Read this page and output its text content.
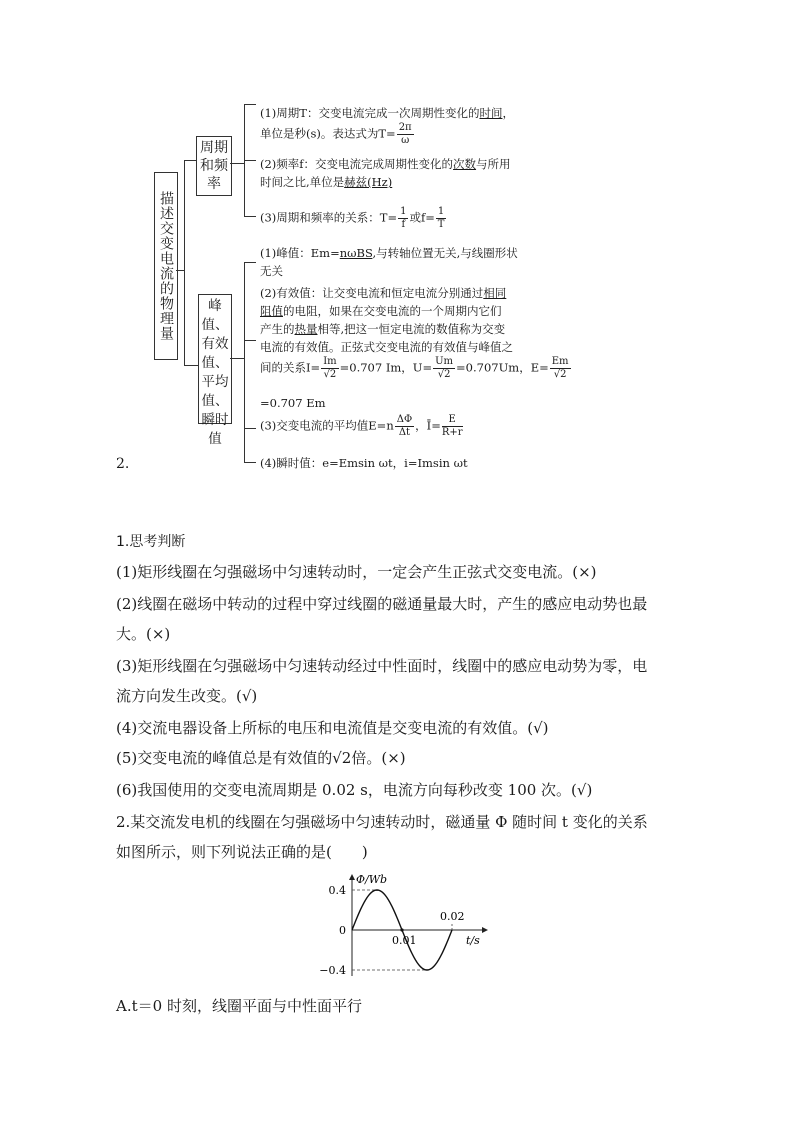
描述交变电流的物理量
周期和频率
(1)周期T：交变电流完成一次周期性变化的时间，
单位是秒(s)。表达式为$T= \frac{2\pi}{\omega}$
(2)频率f：交变电流完成周期性变化的次数与所用
时间之比,单位是赫兹(Hz)
(3)周期和频率的关系：$T= \frac{1}{f}$ 或$f= \frac{1}{T}$
峰值、有效值、平均值、瞬时值
(1)峰值：Em=nωBS,与转轴位置无关,与线圈形状
无关
(2)有效值：让交变电流和恒定电流分别通过相同
阻值的电阻，如果在交变电流的一个周期内它们
产生的热量相等,把这一恒定电流的数值称为交变
电流的有效值。正弦式交变电流的有效值与峰值之
间的关系$I= \frac{Im}{√2} =0.707$ Im，$U= \frac{Um}{√2} =0.707Um$，$E= \frac{Em}{√2}$
=0.707 Em
(3)交变电流的平均值$E=n \frac{\Delta\Phi}{\Delta t}$ ，Ī= $\frac{E}{R+r}$
(4)瞬时值：e=Emsin ωt，i=Imsin ωt
2.
1.思考判断
(1)矩形线圈在匀强磁场中匀速转动时，一定会产生正弦式交变电流。(×)
(2)线圈在磁场中转动的过程中穿过线圈的磁通量最大时，产生的感应电动势也最
大。(×)
(3)矩形线圈在匀强磁场中匀速转动经过中性面时，线圈中的感应电动势为零，电
流方向发生改变。(√)
(4)交流电器设备上所标的电压和电流值是交变电流的有效值。(√)
(5)交变电流的峰值总是有效值的√2倍。(×)
(6)我国使用的交变电流周期是 0.02 s，电流方向每秒改变 100 次。(√)
2.某交流发电机的线圈在匀强磁场中匀速转动时，磁通量 Φ 随时间 t 变化的关系
如图所示，则下列说法正确的是(　　)
0.4
0
−0.4
0.01
0.02
Φ/Wb
t/s
A.t＝0 时刻，线圈平面与中性面平行
